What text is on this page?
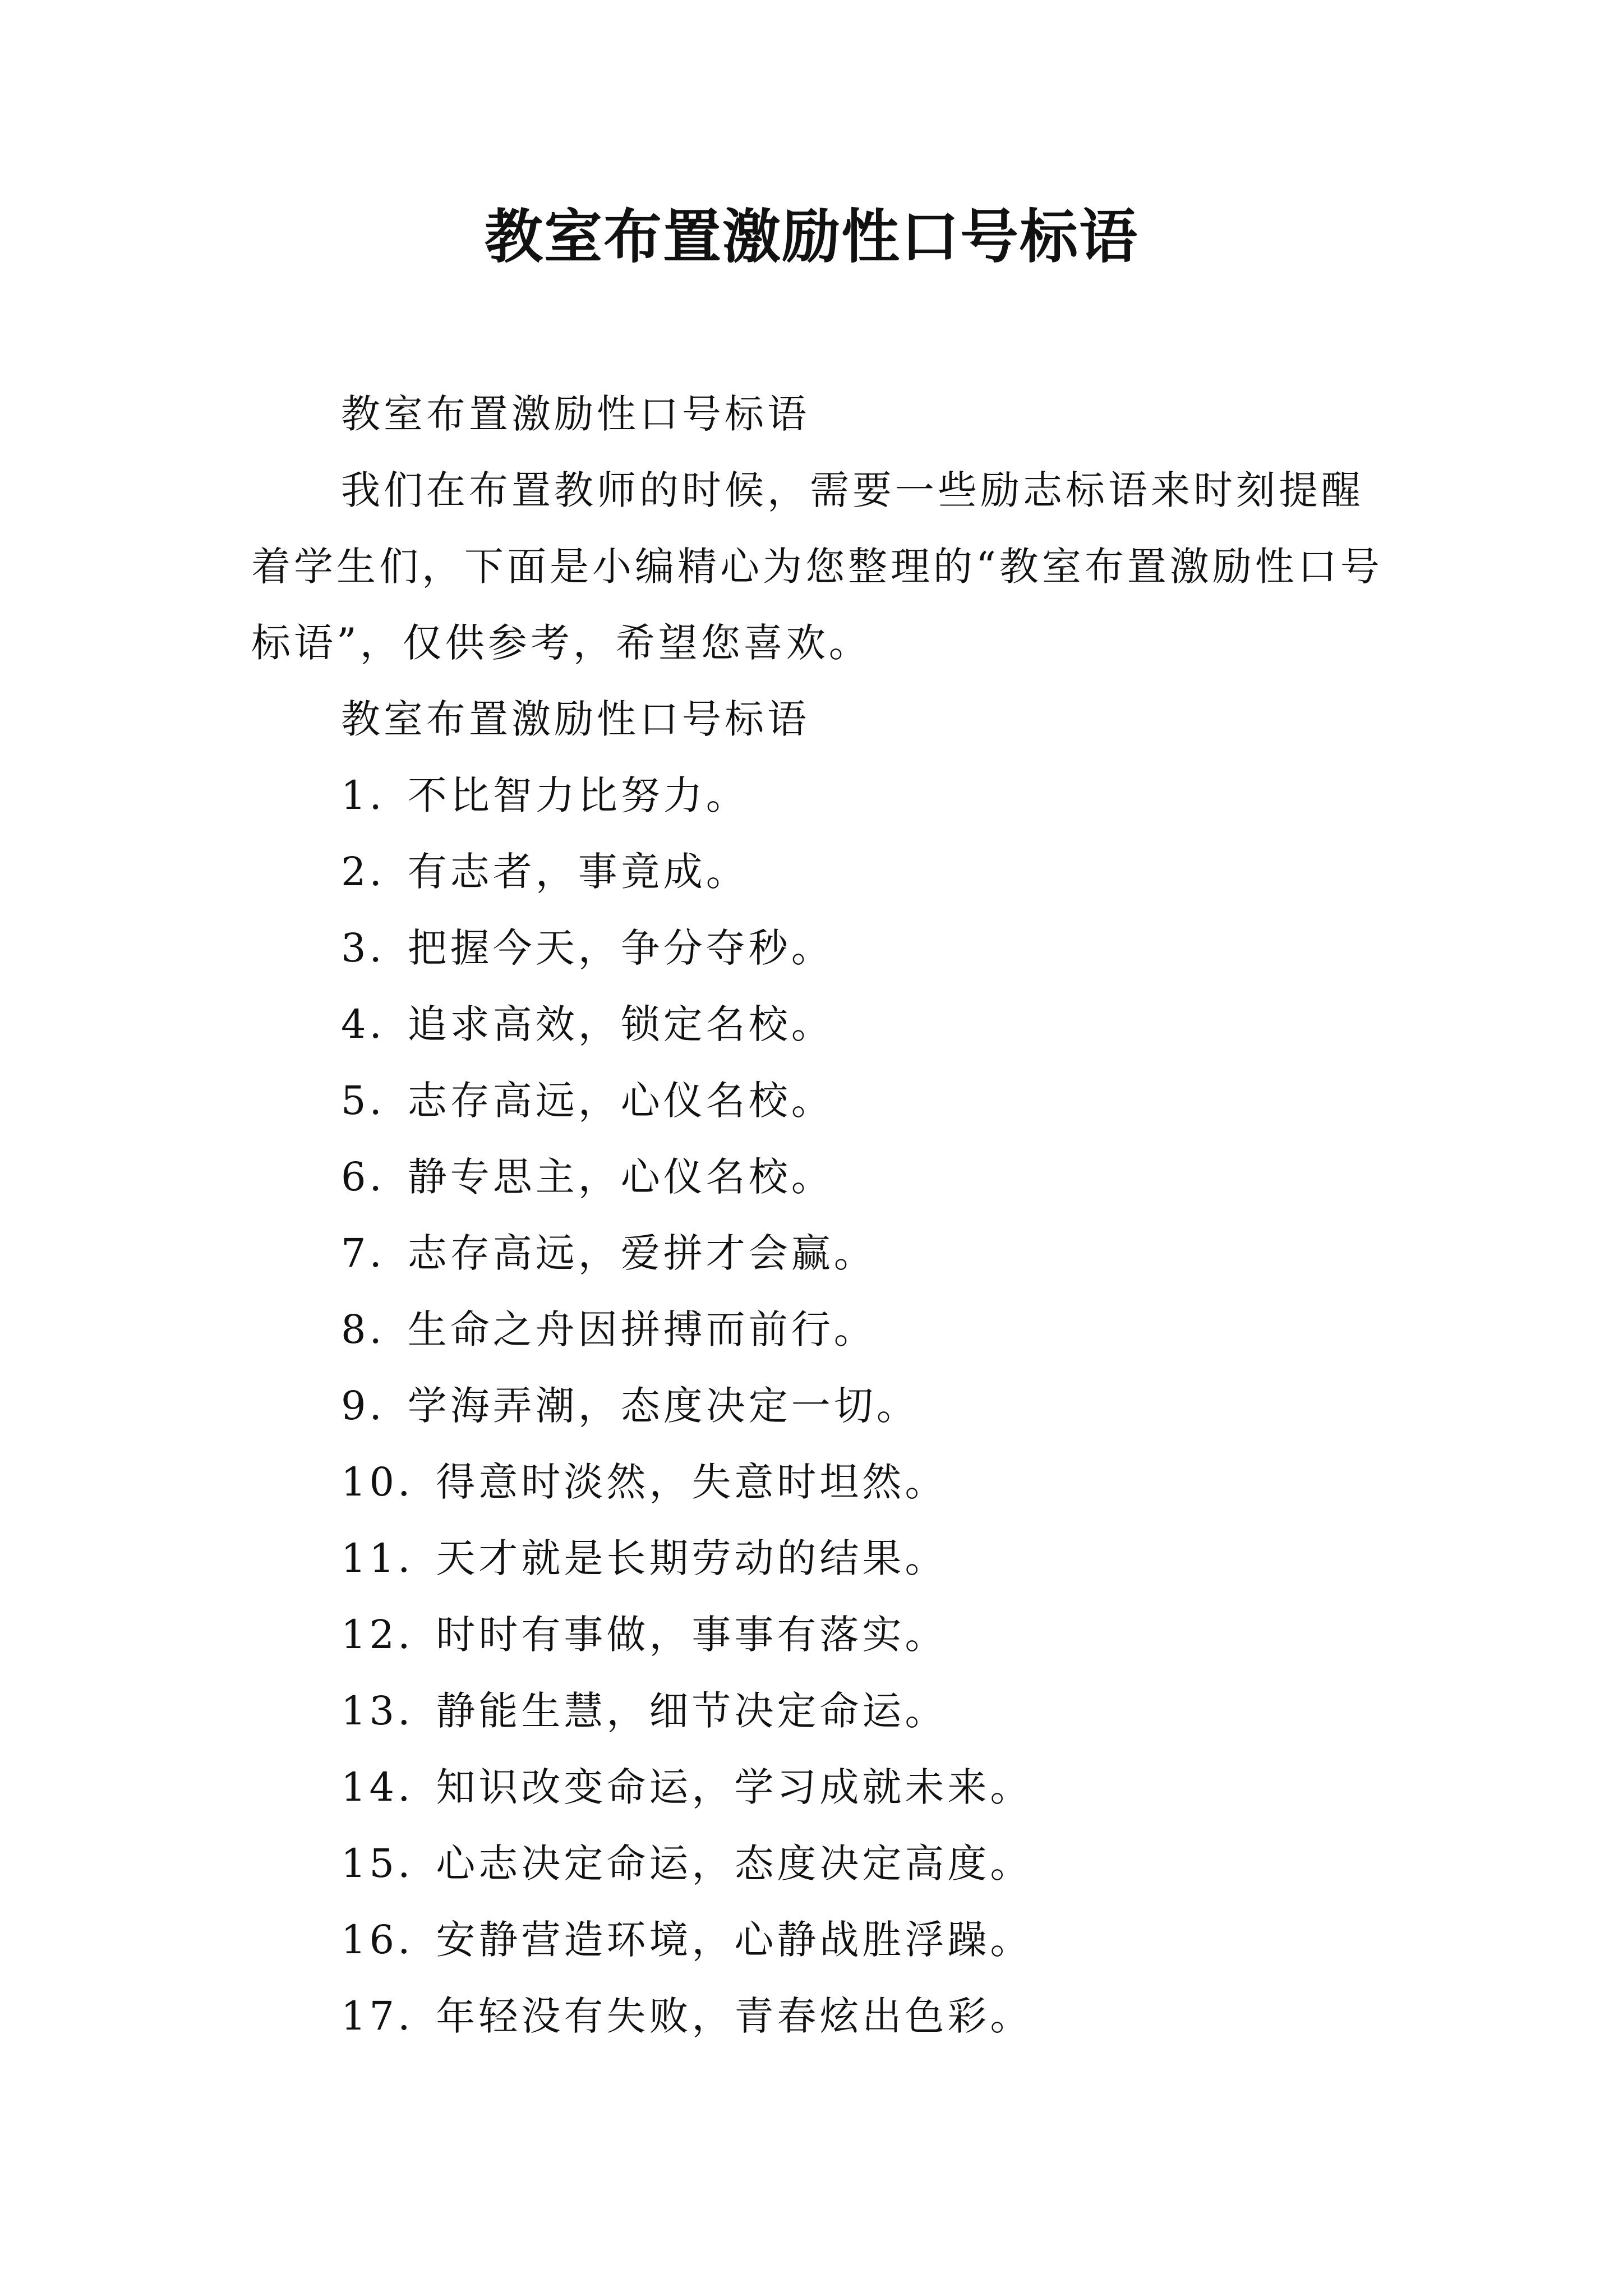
教室布置激励性口号标语

教室布置激励性口号标语

我们在布置教师的时候，需要一些励志标语来时刻提醒着学生们，下面是小编精心为您整理的“教室布置激励性口号标语”，仅供参考，希望您喜欢。

教室布置激励性口号标语

1. 不比智力比努力。
2. 有志者，事竟成。
3. 把握今天，争分夺秒。
4. 追求高效，锁定名校。
5. 志存高远，心仪名校。
6. 静专思主，心仪名校。
7. 志存高远，爱拼才会赢。
8. 生命之舟因拼搏而前行。
9. 学海弄潮，态度决定一切。
10. 得意时淡然，失意时坦然。
11. 天才就是长期劳动的结果。
12. 时时有事做，事事有落实。
13. 静能生慧，细节决定命运。
14. 知识改变命运，学习成就未来。
15. 心志决定命运，态度决定高度。
16. 安静营造环境，心静战胜浮躁。
17. 年轻没有失败，青春炫出色彩。
